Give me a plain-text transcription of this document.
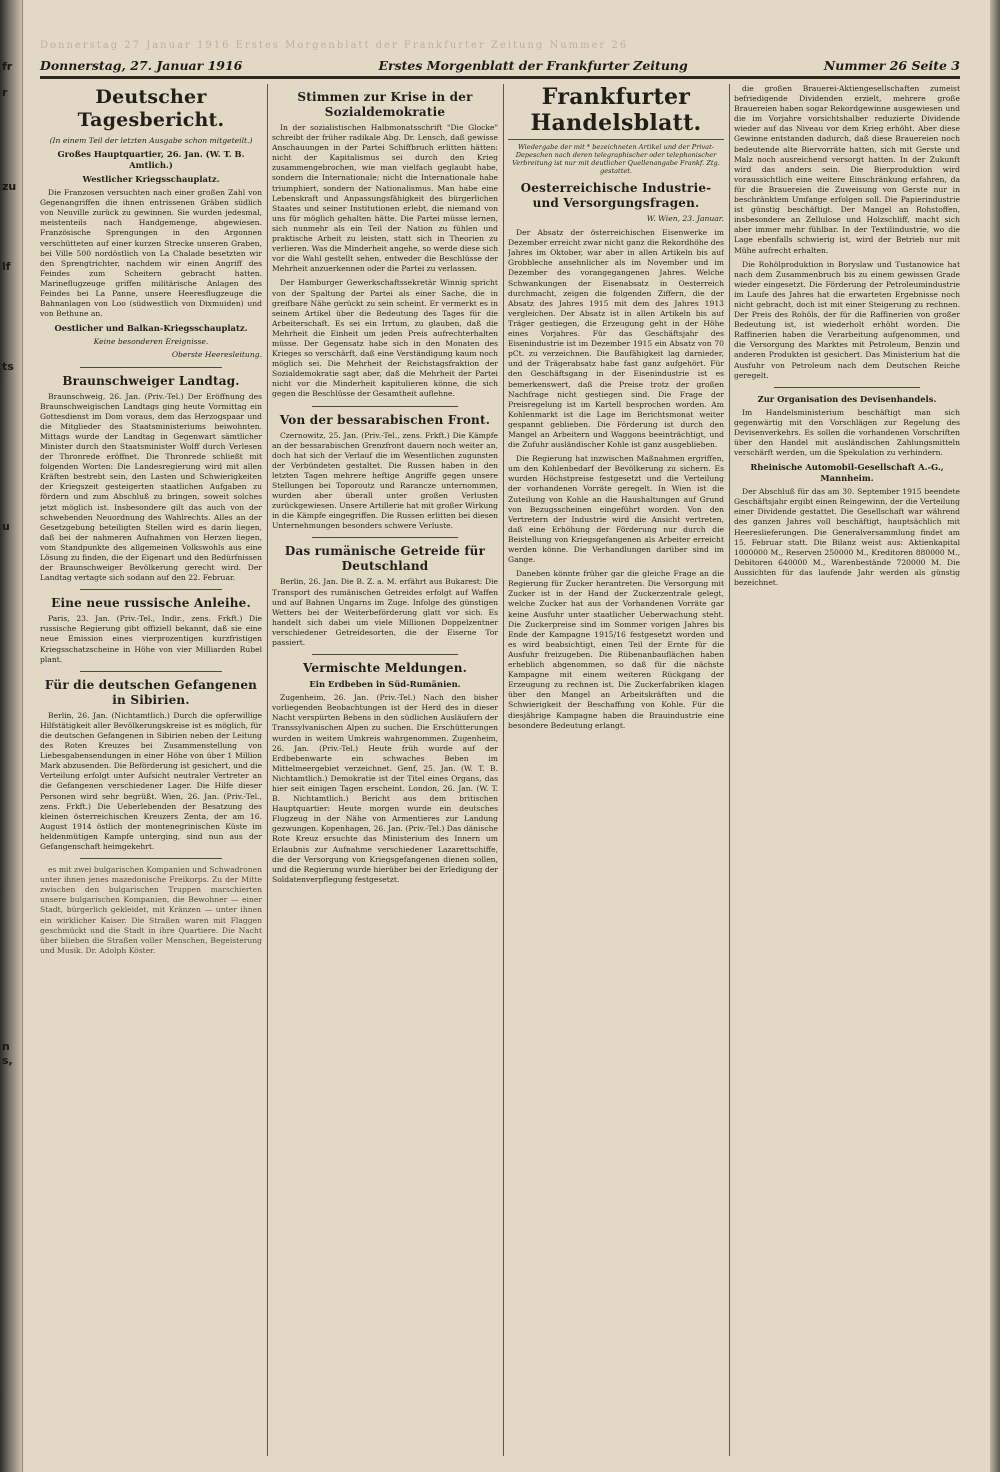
fr
r
zu
lf
ts
u
ns,
Donnerstag 27 Januar 1916 Erstes Morgenblatt der Frankfurter Zeitung Nummer 26
Donnerstag, 27. Januar 1916	Erstes Morgenblatt der Frankfurter Zeitung	Nummer 26 Seite 3
Deutscher Tagesbericht.
(In einem Teil der letzten Ausgabe schon mitgeteilt.)
Großes Hauptquartier, 26. Jan. (W. T. B. Amtlich.)
Westlicher Kriegsschauplatz.

Die Franzosen versuchten nach einer großen Zahl von Gegenangriffen die ihnen entrissenen Gräben südlich von Neuville zurück zu gewinnen. Sie wurden jedesmal, meistenteils nach Handgemenge, abgewiesen. Französische Sprengungen in den Argonnen verschütteten auf einer kurzen Strecke unseren Graben, bei Ville 500 nordöstlich von La Chalade besetzten wir den Sprengtrichter, nachdem wir einen Angriff des Feindes zum Scheitern gebracht hatten. Marineflugzeuge griffen militärische Anlagen des Feindes bei La Panne, unsere Heeresflugzeuge die Bahnanlagen von Loo (südwestlich von Dixmuiden) und von Bethune an.

Oestlicher und Balkan-Kriegsschauplatz.
Keine besonderen Ereignisse.
Oberste Heeresleitung.
Braunschweiger Landtag.

Braunschweig, 26. Jan. (Priv.-Tel.) Der Eröffnung des Braunschweigischen Landtags ging heute Vormittag ein Gottesdienst im Dom voraus, dem das Herzogspaar und die Mitglieder des Staatsministeriums beiwohnten. Mittags wurde der Landtag in Gegenwart sämtlicher Minister durch den Staatsminister Wolff durch Verlesen der Thronrede eröffnet. Die Thronrede schließt mit folgenden Worten: Die Landesregierung wird mit allen Kräften bestrebt sein, den Lasten und Schwierigkeiten der Kriegszeit gesteigerten staatlichen Aufgaben zu fördern und zum Abschluß zu bringen, soweit solches jetzt möglich ist. Insbesondere gilt das auch von der schwebenden Neuordnung des Wahlrechts. Alles an der Gesetzgebung beteiligten Stellen wird es darin liegen, daß bei der nahmeren Aufnahmen von Herzen liegen, vom Standpunkte des allgemeinen Volkswohls aus eine Lösung zu finden, die der Eigenart und den Bedürfnissen der Braunschweiger Bevölkerung gerecht wird. Der Landtag vertagte sich sodann auf den 22. Februar.

Eine neue russische Anleihe.

Paris, 23. Jan. (Priv.-Tel., Indir., zens. Frkft.) Die russische Regierung gibt offiziell bekannt, daß sie eine neue Emission eines vierprozentigen kurzfristigen Kriegsschatzscheine in Höhe von vier Milliarden Rubel plant.

Für die deutschen Gefangenen in Sibirien.

Berlin, 26. Jan. (Nichtamtlich.) Durch die opferwillige Hilfstätigkeit aller Bevölkerungskreise ist es möglich, für die deutschen Gefangenen in Sibirien neben der Leitung des Roten Kreuzes bei Zusammenstellung von Liebesgabensendungen in einer Höhe von über 1 Million Mark abzusenden. Die Beförderung ist gesichert, und die Verteilung erfolgt unter Aufsicht neutraler Vertreter an die Gefangenen verschiedener Lager. Die Hilfe dieser Personen wird sehr begrüßt. Wien, 26. Jan. (Priv.-Tel., zens. Frkft.) Die Ueberlebenden der Besatzung des kleinen österreichischen Kreuzers Zenta, der am 16. August 1914 östlich der montenegrinischen Küste im heldenmütigen Kampfe unterging, sind nun aus der Gefangenschaft heimgekehrt.

es mit zwei bulgarischen Kompanien und Schwadronen unter ihnen jenes mazedonische Freikorps. Zu der Mitte zwischen den bulgarischen Truppen marschierten unsere bulgarischen Kompanien, die Bewohner — einer Stadt, bürgerlich gekleidet, mit Kränzen — unter ihnen ein wirklicher Kaiser. Die Straßen waren mit Flaggen geschmückt und die Stadt in ihre Quartiere. Die Nacht über blieben die Straßen voller Menschen, Begeisterung und Musik. Dr. Adolph Köster.

Stimmen zur Krise in der Sozialdemokratie

In der sozialistischen Halbmonatsschrift "Die Glocke" schreibt der früher radikale Abg. Dr. Lensch, daß gewisse Anschauungen in der Partei Schiffbruch erlitten hätten: nicht der Kapitalismus sei durch den Krieg zusammengebrochen, wie man vielfach geglaubt habe, sondern die Internationale; nicht die Internationale habe triumphiert, sondern der Nationalismus. Man habe eine Lebenskraft und Anpassungsfähigkeit des bürgerlichen Staates und seiner Institutionen erlebt, die niemand von uns für möglich gehalten hätte. Die Partei müsse lernen, sich nunmehr als ein Teil der Nation zu fühlen und praktische Arbeit zu leisten, statt sich in Theorien zu verlieren. Was die Minderheit angehe, so werde diese sich vor die Wahl gestellt sehen, entweder die Beschlüsse der Mehrheit anzuerkennen oder die Partei zu verlassen.

Der Hamburger Gewerkschaftssekretär Winnig spricht von der Spaltung der Partei als einer Sache, die in greifbare Nähe gerückt zu sein scheint. Er vermerkt es in seinem Artikel über die Bedeutung des Tages für die Arbeiterschaft. Es sei ein Irrtum, zu glauben, daß die Mehrheit die Einheit um jeden Preis aufrechterhalten müsse. Der Gegensatz habe sich in den Monaten des Krieges so verschärft, daß eine Verständigung kaum noch möglich sei. Die Mehrheit der Reichstagsfraktion der Sozialdemokratie sagt aber, daß die Mehrheit der Partei nicht vor die Minderheit kapitulieren könne, die sich gegen die Beschlüsse der Gesamtheit auflehne.

Von der bessarabischen Front.

Czernowitz, 25. Jan. (Priv.-Tel., zens. Frkft.) Die Kämpfe an der bessarabischen Grenzfront dauern noch weiter an, doch hat sich der Verlauf die im Wesentlichen zugunsten der Verbündeten gestaltet. Die Russen haben in den letzten Tagen mehrere heftige Angriffe gegen unsere Stellungen bei Toporoutz und Rarancze unternommen, wurden aber überall unter großen Verlusten zurückgewiesen. Unsere Artillerie hat mit großer Wirkung in die Kämpfe eingegriffen. Die Russen erlitten bei diesen Unternehmungen besonders schwere Verluste.

Das rumänische Getreide für Deutschland

Berlin, 26. Jan. Die B. Z. a. M. erfährt aus Bukarest: Die Transport des rumänischen Getreides erfolgt auf Waffen und auf Bahnen Ungarns im Zuge. Infolge des günstigen Wetters bei der Weiterbeförderung glatt vor sich. Es handelt sich dabei um viele Millionen Doppelzentner verschiedener Getreidesorten, die der Eiserne Tor passiert.

Vermischte Meldungen.
Ein Erdbeben in Süd-Rumänien.

Zugenheim, 26. Jan. (Priv.-Tel.) Nach den bisher vorliegenden Beobachtungen ist der Herd des in dieser Nacht verspürten Bebens in den südlichen Ausläufern der Transsylvanischen Alpen zu suchen. Die Erschütterungen wurden in weitem Umkreis wahrgenommen. Zugenheim, 26. Jan. (Priv.-Tel.) Heute früh wurde auf der Erdbebenwarte ein schwaches Beben im Mittelmeergebiet verzeichnet. Genf, 25. Jan. (W. T. B. Nichtamtlich.) Demokratie ist der Titel eines Organs, das hier seit einigen Tagen erscheint. London, 26. Jan. (W. T. B. Nichtamtlich.) Bericht aus dem britischen Hauptquartier: Heute morgen wurde ein deutsches Flugzeug in der Nähe von Armentieres zur Landung gezwungen. Kopenhagen, 26. Jan. (Priv.-Tel.) Das dänische Rote Kreuz ersuchte das Ministerium des Innern um Erlaubnis zur Aufnahme verschiedener Lazarettschiffe, die der Versorgung von Kriegsgefangenen dienen sollen, und die Regierung wurde hierüber bei der Erledigung der Soldatenverpflegung festgesetzt.

Frankfurter Handelsblatt.
Wiedergabe der mit * bezeichneten Artikel und der Privat-Depeschen nach deren telegraphischer oder telephonischer Verbreitung ist nur mit deutlicher Quellenangabe Frankf. Ztg. gestattet.
Oesterreichische Industrie- und Versorgungsfragen.
W. Wien, 23. Januar.

Der Absatz der österreichischen Eisenwerke im Dezember erreicht zwar nicht ganz die Rekordhöhe des Jahres im Oktober, war aber in allen Artikeln bis auf Grobbleche ansehnlicher als im November und im Dezember des vorangegangenen Jahres. Welche Schwankungen der Eisenabsatz in Oesterreich durchmacht, zeigen die folgenden Ziffern, die der Absatz des Jahres 1915 mit dem des Jahres 1913 vergleichen. Der Absatz ist in allen Artikeln bis auf Träger gestiegen, die Erzeugung geht in der Höhe eines Vorjahres. Für das Geschäftsjahr des Eisenindustrie ist im Dezember 1915 ein Absatz von 70 pCt. zu verzeichnen. Die Baufähigkeit lag darnieder, und der Trägerabsatz habe fast ganz aufgehört. Für den Geschäftsgang in der Eisenindustrie ist es bemerkenswert, daß die Preise trotz der großen Nachfrage nicht gestiegen sind. Die Frage der Preisregelung ist im Kartell besprochen worden. Am Kohlenmarkt ist die Lage im Berichtsmonat weiter gespannt geblieben. Die Förderung ist durch den Mangel an Arbeitern und Waggons beeinträchtigt, und die Zufuhr ausländischer Kohle ist ganz ausgeblieben.

Die Regierung hat inzwischen Maßnahmen ergriffen, um den Kohlenbedarf der Bevölkerung zu sichern. Es wurden Höchstpreise festgesetzt und die Verteilung der vorhandenen Vorräte geregelt. In Wien ist die Zuteilung von Kohle an die Haushaltungen auf Grund von Bezugsscheinen eingeführt worden. Von den Vertretern der Industrie wird die Ansicht vertreten, daß eine Erhöhung der Förderung nur durch die Beistellung von Kriegsgefangenen als Arbeiter erreicht werden könne. Die Verhandlungen darüber sind im Gange.

Daneben könnte früher gar die gleiche Frage an die Regierung für Zucker herantreten. Die Versorgung mit Zucker ist in der Hand der Zuckerzentrale gelegt, welche Zucker hat aus der Vorhandenen Vorräte gar keine Ausfuhr unter staatlicher Ueberwachung steht. Die Zuckerpreise sind im Sommer vorigen Jahres bis Ende der Kampagne 1915/16 festgesetzt worden und es wird beabsichtigt, einen Teil der Ernte für die Ausfuhr freizugeben. Die Rübenanbauflächen haben erheblich abgenommen, so daß für die nächste Kampagne mit einem weiteren Rückgang der Erzeugung zu rechnen ist. Die Zuckerfabriken klagen über den Mangel an Arbeitskräften und die Schwierigkeit der Beschaffung von Kohle. Für die diesjährige Kampagne haben die Brauindustrie eine besondere Bedeutung erlangt.

die großen Brauerei-Aktiengesellschaften zumeist befriedigende Dividenden erzielt, mehrere große Brauereien haben sogar Rekordgewinne ausgewiesen und die im Vorjahre vorsichtshalber reduzierte Dividende wieder auf das Niveau vor dem Krieg erhöht. Aber diese Gewinne entstanden dadurch, daß diese Brauereien noch bedeutende alte Biervorräte hatten, sich mit Gerste und Malz noch ausreichend versorgt hatten. In der Zukunft wird das anders sein. Die Bierproduktion wird voraussichtlich eine weitere Einschränkung erfahren, da für die Brauereien die Zuweisung von Gerste nur in beschränktem Umfange erfolgen soll. Die Papierindustrie ist günstig beschäftigt. Der Mangel an Rohstoffen, insbesondere an Zellulose und Holzschliff, macht sich aber immer mehr fühlbar. In der Textilindustrie, wo die Lage ebenfalls schwierig ist, wird der Betrieb nur mit Mühe aufrecht erhalten.

Die Rohölproduktion in Boryslaw und Tustanowice hat nach dem Zusammenbruch bis zu einem gewissen Grade wieder eingesetzt. Die Förderung der Petroleumindustrie im Laufe des Jahres hat die erwarteten Ergebnisse noch nicht gebracht, doch ist mit einer Steigerung zu rechnen. Der Preis des Rohöls, der für die Raffinerien von großer Bedeutung ist, ist wiederholt erhöht worden. Die Raffinerien haben die Verarbeitung aufgenommen, und die Versorgung des Marktes mit Petroleum, Benzin und anderen Produkten ist gesichert. Das Ministerium hat die Ausfuhr von Petroleum nach dem Deutschen Reiche geregelt.

Zur Organisation des Devisenhandels.

Im Handelsministerium beschäftigt man sich gegenwärtig mit den Vorschlägen zur Regelung des Devisenverkehrs. Es sollen die vorhandenen Vorschriften über den Handel mit ausländischen Zahlungsmitteln verschärft werden, um die Spekulation zu verhindern.

Rheinische Automobil-Gesellschaft A.-G., Mannheim.

Der Abschluß für das am 30. September 1915 beendete Geschäftsjahr ergibt einen Reingewinn, der die Verteilung einer Dividende gestattet. Die Gesellschaft war während des ganzen Jahres voll beschäftigt, hauptsächlich mit Heereslieferungen. Die Generalversammlung findet am 15. Februar statt. Die Bilanz weist aus: Aktienkapital 1000000 M., Reserven 250000 M., Kreditoren 880000 M., Debitoren 640000 M., Warenbestände 720000 M. Die Aussichten für das laufende Jahr werden als günstig bezeichnet.
